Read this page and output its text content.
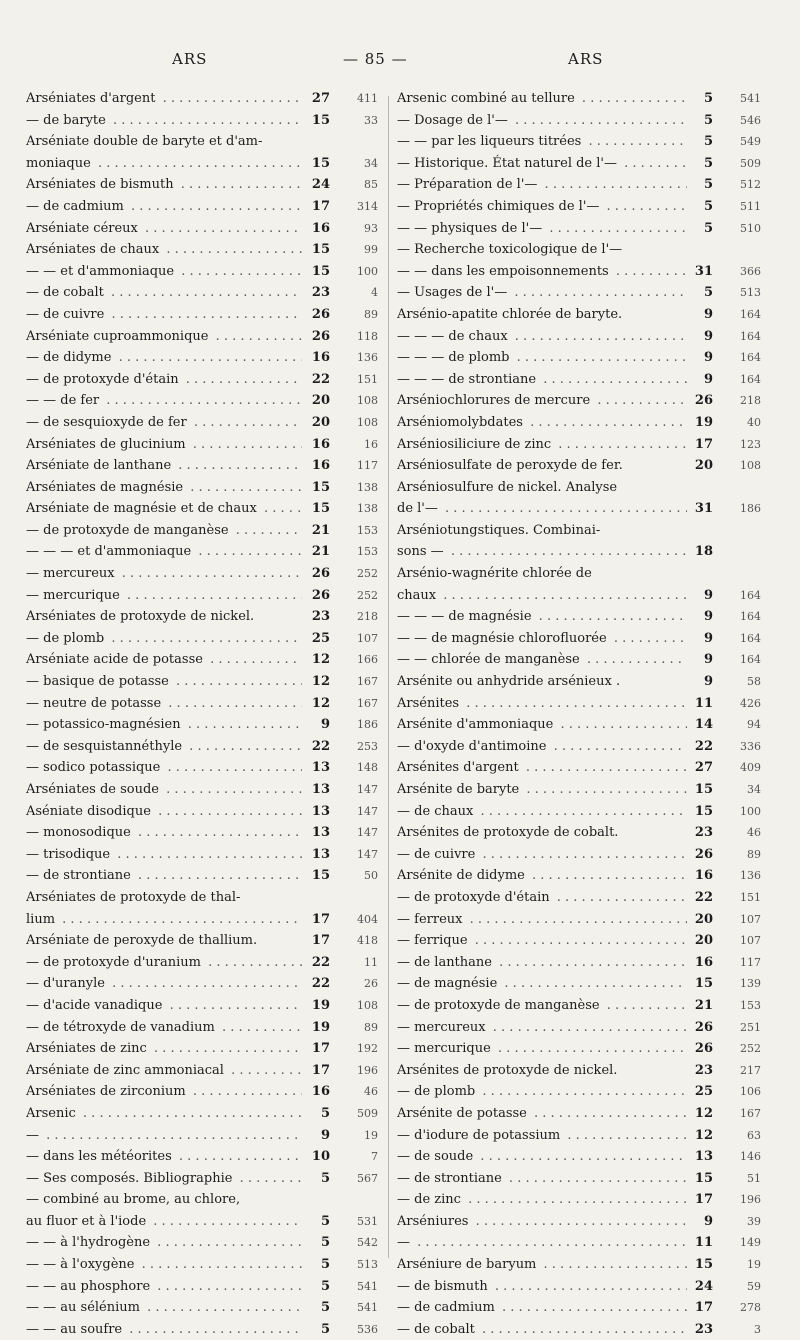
ARS	— 85 —	ARS
Arséniates d'argent . . .	27	411
— de baryte . . .	15	33
Arséniate double de baryte et d'am-
moniaque . . .	15	34
Arséniates de bismuth . . .	24	85
— de cadmium . . .	17	314
Arséniate céreux . . .	16	93
Arséniates de chaux . . .	15	99
— — et d'ammoniaque . . .	15	100
— de cobalt . . .	23	4
— de cuivre . . .	26	89
Arséniate cuproammonique . . .	26	118
— de didyme . . .	16	136
— de protoxyde d'étain . . .	22	151
— — de fer . . .	20	108
— de sesquioxyde de fer . . .	20	108
Arséniates de glucinium . . .	16	16
Arséniate de lanthane . . .	16	117
Arséniates de magnésie . . .	15	138
Arséniate de magnésie et de chaux . . .	15	138
— de protoxyde de manganèse . . .	21	153
— — — et d'ammoniaque . . .	21	153
— mercureux . . .	26	252
— mercurique . . .	26	252
Arséniates de protoxyde de nickel.	23	218
— de plomb . . .	25	107
Arséniate acide de potasse . . .	12	166
— basique de potasse . . .	12	167
— neutre de potasse . . .	12	167
— potassico-magnésien . . .	9	186
— de sesquistannéthyle . . .	22	253
— sodico potassique . . .	13	148
Arséniates de soude . . .	13	147
Aséniate disodique . . .	13	147
— monosodique . . .	13	147
— trisodique . . .	13	147
— de strontiane . . .	15	50
Arséniates de protoxyde de thal-
lium . . .	17	404
Arséniate de peroxyde de thallium.	17	418
— de protoxyde d'uranium . . .	22	11
— d'uranyle . . .	22	26
— d'acide vanadique . . .	19	108
— de tétroxyde de vanadium . . .	19	89
Arséniates de zinc . . .	17	192
Arséniate de zinc ammoniacal . . .	17	196
Arséniates de zirconium . . .	16	46
Arsenic . . .	5	509
— . . .	9	19
— dans les météorites . . .	10	7
— Ses composés. Bibliographie . . .	5	567
— combiné au brome, au chlore,
au fluor et à l'iode . . .	5	531
— — à l'hydrogène . . .	5	542
— — à l'oxygène . . .	5	513
— — au phosphore . . .	5	541
— — au sélénium . . .	5	541
— — au soufre . . .	5	536
Arsenic combiné au tellure . . .	5	541
— Dosage de l'— . . .	5	546
— — par les liqueurs titrées . . .	5	549
— Historique. État naturel de l'— . . .	5	509
— Préparation de l'— . . .	5	512
— Propriétés chimiques de l'— . . .	5	511
— — physiques de l'— . . .	5	510
— Recherche toxicologique de l'—
— — dans les empoisonnements . . .	31	366
— Usages de l'— . . .	5	513
Arsénio-apatite chlorée de baryte.	9	164
— — — de chaux . . .	9	164
— — — de plomb . . .	9	164
— — — de strontiane . . .	9	164
Arséniochlorures de mercure . . .	26	218
Arséniomolybdates . . .	19	40
Arséniosiliciure de zinc . . .	17	123
Arséniosulfate de peroxyde de fer.	20	108
Arséniosulfure de nickel. Analyse
de l'— . . .	31	186
Arséniotungstiques. Combinai-
sons — . . .	18
Arsénio-wagnérite chlorée de
chaux . . .	9	164
— — — de magnésie . . .	9	164
— — de magnésie chlorofluorée . . .	9	164
— — chlorée de manganèse . . .	9	164
Arsénite ou anhydride arsénieux .	9	58
Arsénites . . .	11	426
Arsénite d'ammoniaque . . .	14	94
— d'oxyde d'antimoine . . .	22	336
Arsénites d'argent . . .	27	409
Arsénite de baryte . . .	15	34
— de chaux . . .	15	100
Arsénites de protoxyde de cobalt.	23	46
— de cuivre . . .	26	89
Arsénite de didyme . . .	16	136
— de protoxyde d'étain . . .	22	151
— ferreux . . .	20	107
— ferrique . . .	20	107
— de lanthane . . .	16	117
— de magnésie . . .	15	139
— de protoxyde de manganèse . . .	21	153
— mercureux . . .	26	251
— mercurique . . .	26	252
Arsénites de protoxyde de nickel.	23	217
— de plomb . . .	25	106
Arsénite de potasse . . .	12	167
— d'iodure de potassium . . .	12	63
— de soude . . .	13	146
— de strontiane . . .	15	51
— de zinc . . .	17	196
Arséniures . . .	9	39
— . . .	11	149
Arséniure de baryum . . .	15	19
— de bismuth . . .	24	59
— de cadmium . . .	17	278
— de cobalt . . .	23	3
